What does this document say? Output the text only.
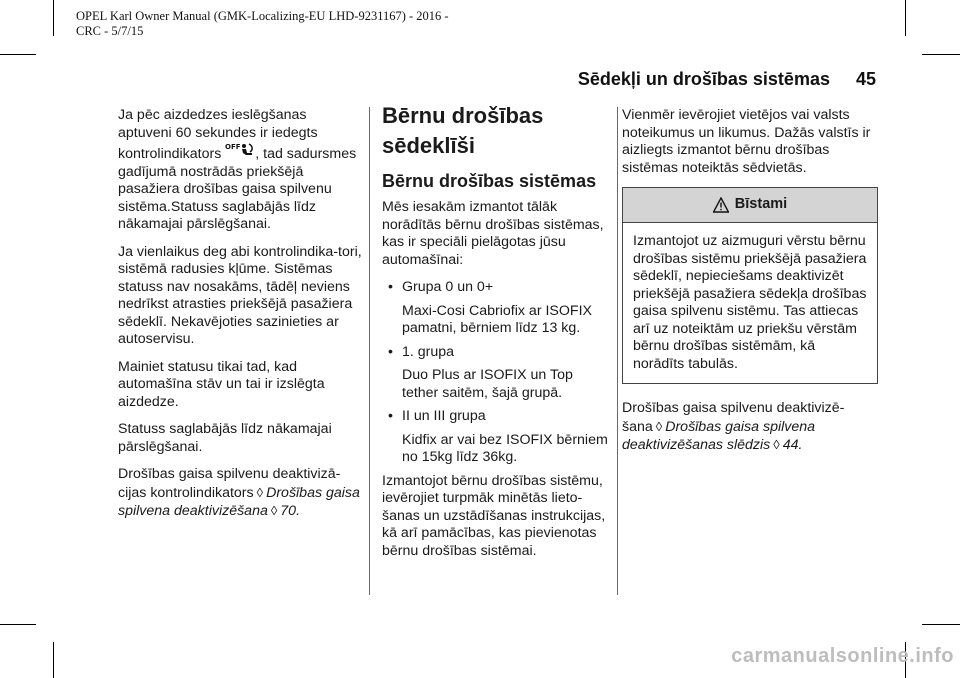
OPEL Karl Owner Manual (GMK-Localizing-EU LHD-9231167) - 2016 -
CRC - 5/7/15
Sēdekļi un drošības sistēmas 45

Ja pēc aizdedzes ieslēgšanas aptuveni 60 sekundes ir iedegts kontrolindikators OFF , tad sadursmes gadījumā nostrādās priekšējā pasažiera drošības gaisa spilvenu sistēma.Statuss saglabājās līdz nākamajai pārslēgšanai.

Ja vienlaikus deg abi kontrolindika-tori, sistēmā radusies kļūme. Sistēmas statuss nav nosakāms, tādēļ neviens nedrīkst atrasties priekšējā pasažiera sēdeklī. Nekavējoties sazinieties ar autoservisu.

Mainiet statusu tikai tad, kad automašīna stāv un tai ir izslēgta aizdedze.

Statuss saglabājās līdz nākamajai pārslēgšanai.

Drošības gaisa spilvenu deaktivizā-cijas kontrolindikators ◊ Drošības gaisa spilvena deaktivizēšana ◊ 70.

Bērnu drošības sēdeklīši
Bērnu drošības sistēmas

Mēs iesakām izmantot tālāk norādītās bērnu drošības sistēmas, kas ir speciāli pielāgotas jūsu automašīnai:

• Grupa 0 un 0+
Maxi-Cosi Cabriofix ar ISOFIX pamatni, bērniem līdz 13 kg.
• 1. grupa
Duo Plus ar ISOFIX un Top tether saitēm, šajā grupā.
• II un III grupa
Kidfix ar vai bez ISOFIX bērniem no 15kg līdz 36kg.

Izmantojot bērnu drošības sistēmu, ievērojiet turpmāk minētās lieto-šanas un uzstādīšanas instrukcijas, kā arī pamācības, kas pievienotas bērnu drošības sistēmai.

Vienmēr ievērojiet vietējos vai valsts noteikumus un likumus. Dažās valstīs ir aizliegts izmantot bērnu drošības sistēmas noteiktās sēdvietās.

Bīstami
Izmantojot uz aizmuguri vērstu bērnu drošības sistēmu priekšējā pasažiera sēdeklī, nepieciešams deaktivizēt priekšējā pasažiera sēdekļa drošības gaisa spilvenu sistēmu. Tas attiecas arī uz noteiktām uz priekšu vērstām bērnu drošības sistēmām, kā norādīts tabulās.

Drošības gaisa spilvenu deaktivizē-šana ◊ Drošības gaisa spilvena deaktivizēšanas slēdzis ◊ 44.

carmanualsonline.info
